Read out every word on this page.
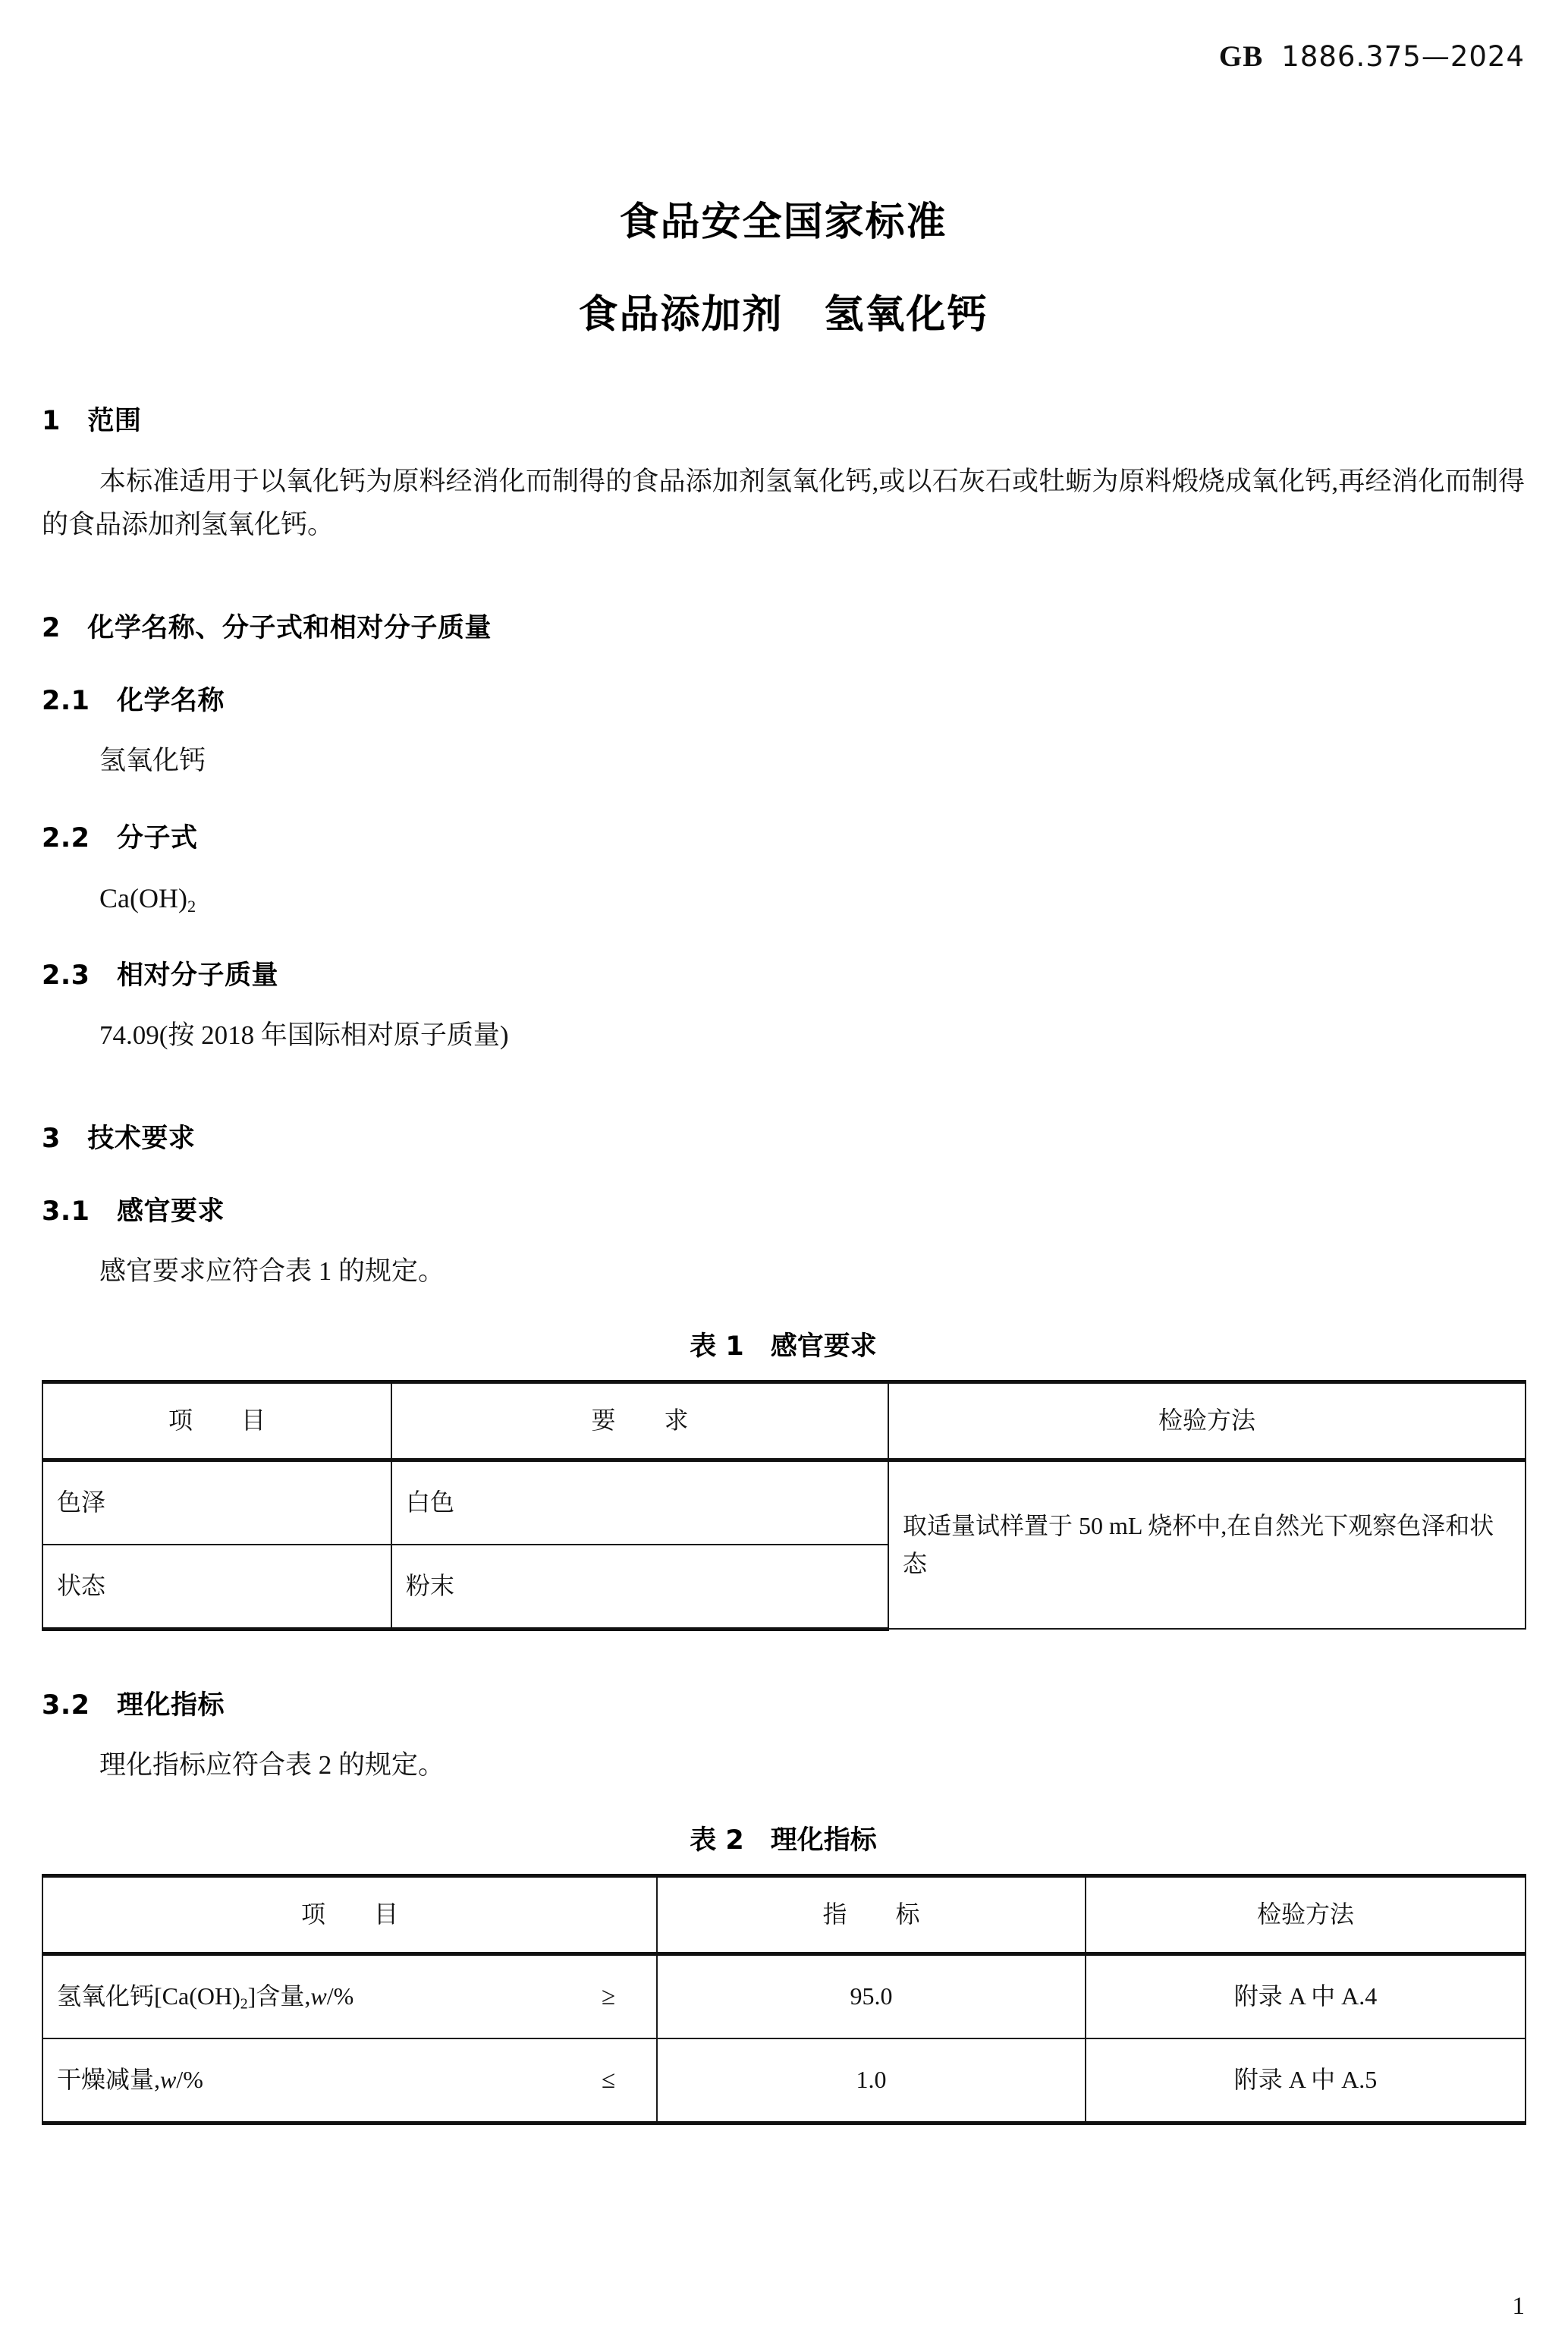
GB 1886.375—2024
食品安全国家标准
食品添加剂　氢氧化钙
1　范围
本标准适用于以氧化钙为原料经消化而制得的食品添加剂氢氧化钙,或以石灰石或牡蛎为原料煅烧成氧化钙,再经消化而制得的食品添加剂氢氧化钙。
2　化学名称、分子式和相对分子质量
2.1　化学名称
氢氧化钙
2.2　分子式
$Ca(OH)_2$
2.3　相对分子质量
74.09(按 2018 年国际相对原子质量)
3　技术要求
3.1　感官要求
感官要求应符合表 1 的规定。
表 1　感官要求
项　　目	要　　求	检验方法
色泽	白色	取适量试样置于 50 mL 烧杯中,在自然光下观察色泽和状态
状态	粉末	
3.2　理化指标
理化指标应符合表 2 的规定。
表 2　理化指标
项　　目	指　　标	检验方法

氢氧化钙$[Ca(OH)_2]$含量,w/% ≥	95.0	附录 A 中 A.4

干燥减量,w/% ≤	1.0	附录 A 中 A.5
1
